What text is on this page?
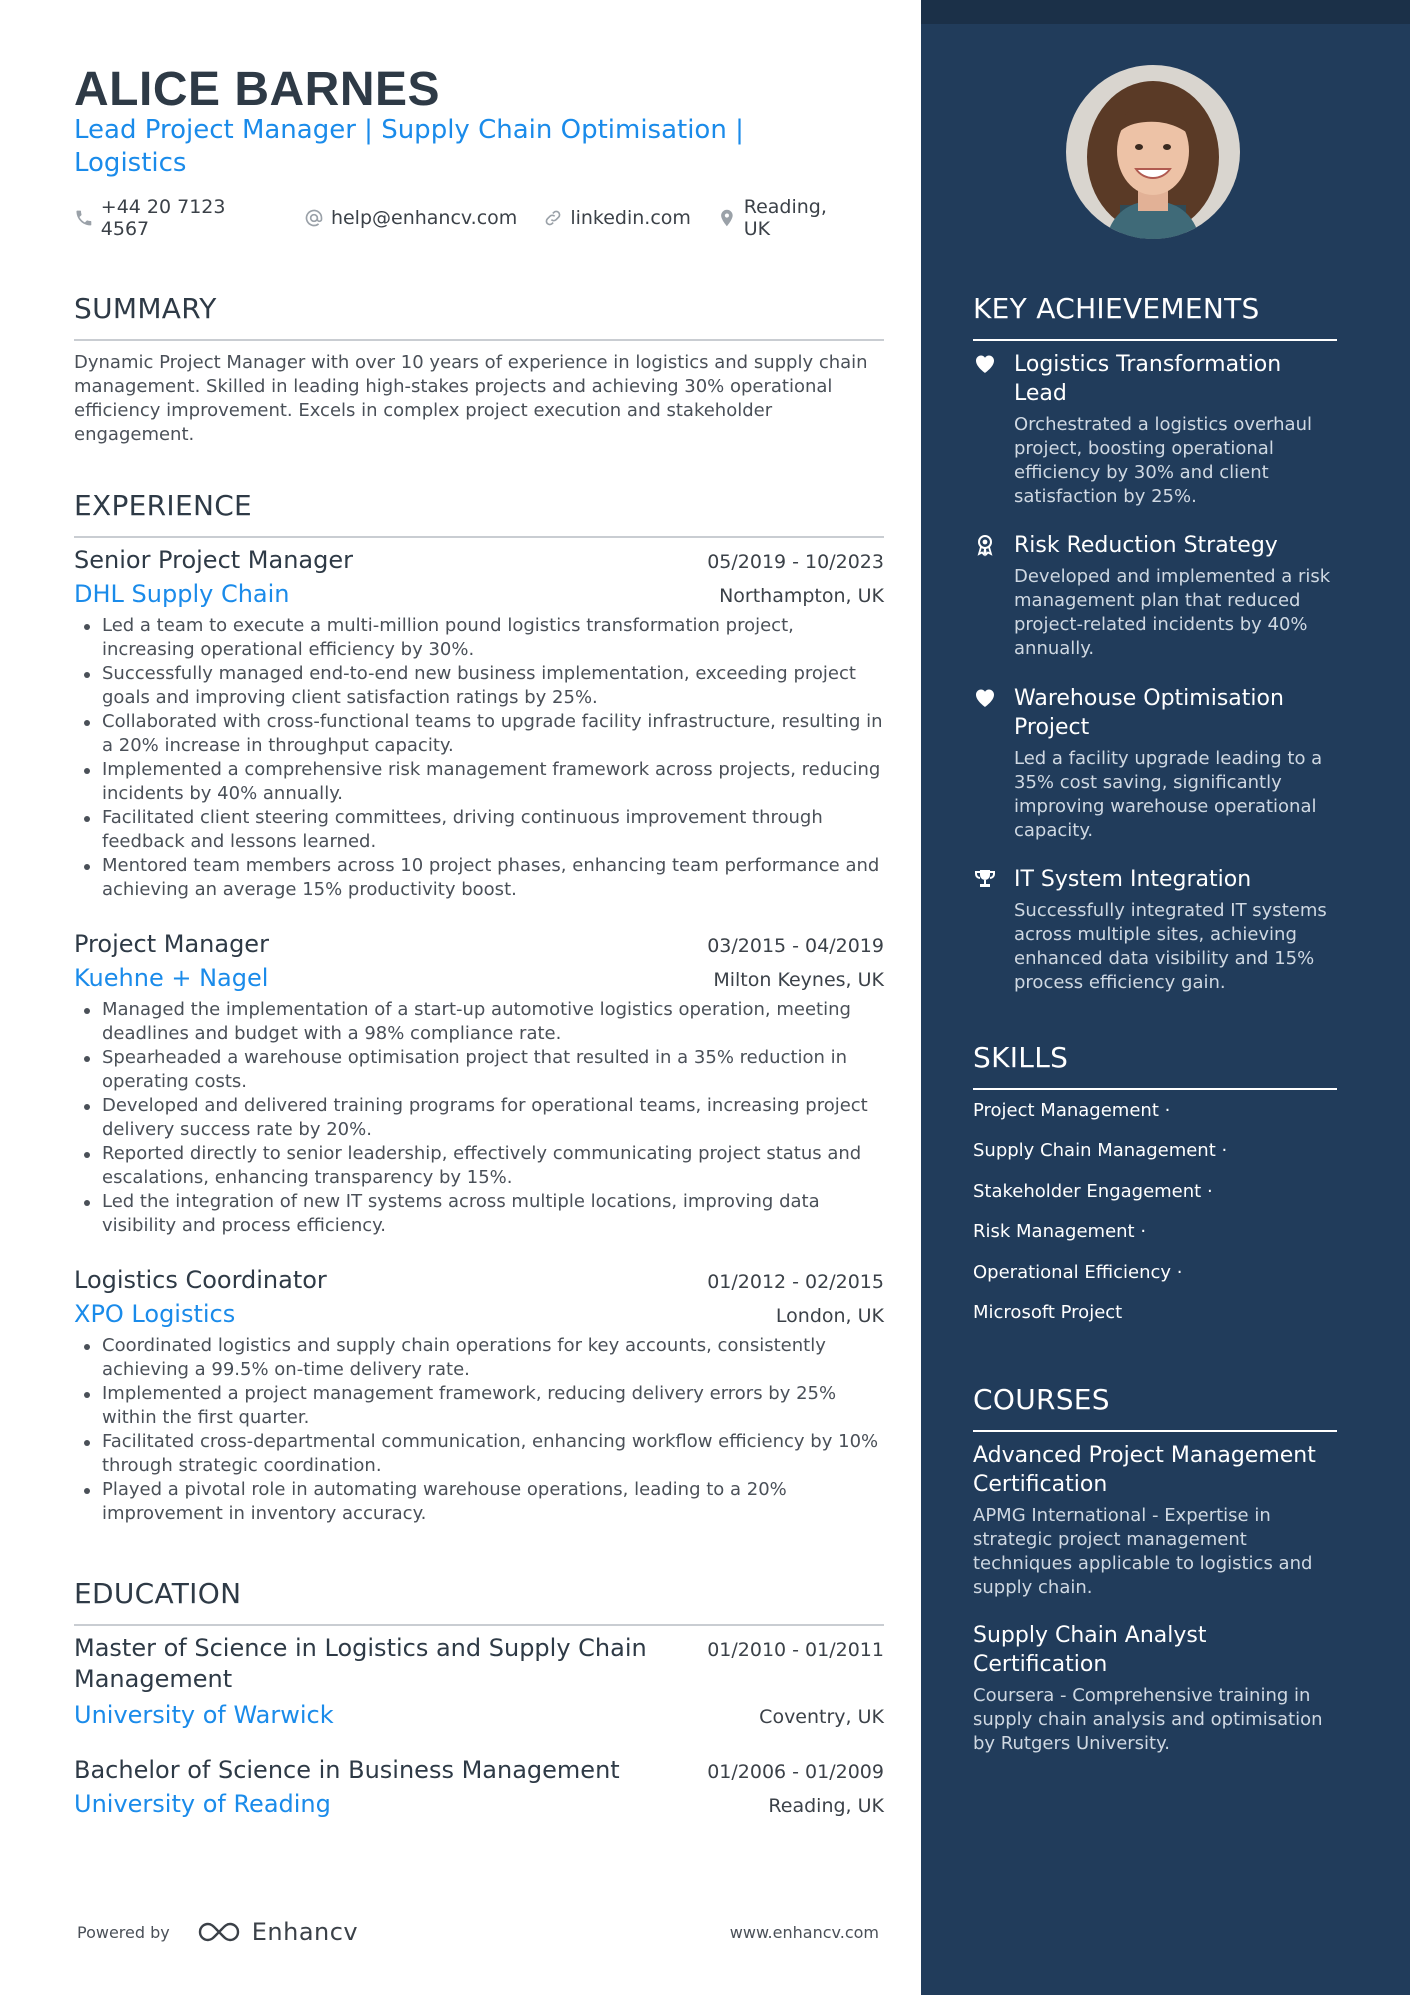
ALICE BARNES
Lead Project Manager | Supply Chain Optimisation | Logistics
+44 20 7123 4567	help@enhancv.com	linkedin.com	Reading, UK
SUMMARY
Dynamic Project Manager with over 10 years of experience in logistics and supply chain management. Skilled in leading high-stakes projects and achieving 30% operational efficiency improvement. Excels in complex project execution and stakeholder engagement.
EXPERIENCE
Senior Project Manager	05/2019 - 10/2023
DHL Supply Chain	Northampton, UK
Led a team to execute a multi-million pound logistics transformation project, increasing operational efficiency by 30%.
Successfully managed end-to-end new business implementation, exceeding project goals and improving client satisfaction ratings by 25%.
Collaborated with cross-functional teams to upgrade facility infrastructure, resulting in a 20% increase in throughput capacity.
Implemented a comprehensive risk management framework across projects, reducing incidents by 40% annually.
Facilitated client steering committees, driving continuous improvement through feedback and lessons learned.
Mentored team members across 10 project phases, enhancing team performance and achieving an average 15% productivity boost.
Project Manager	03/2015 - 04/2019
Kuehne + Nagel	Milton Keynes, UK
Managed the implementation of a start-up automotive logistics operation, meeting deadlines and budget with a 98% compliance rate.
Spearheaded a warehouse optimisation project that resulted in a 35% reduction in operating costs.
Developed and delivered training programs for operational teams, increasing project delivery success rate by 20%.
Reported directly to senior leadership, effectively communicating project status and escalations, enhancing transparency by 15%.
Led the integration of new IT systems across multiple locations, improving data visibility and process efficiency.
Logistics Coordinator	01/2012 - 02/2015
XPO Logistics	London, UK
Coordinated logistics and supply chain operations for key accounts, consistently achieving a 99.5% on-time delivery rate.
Implemented a project management framework, reducing delivery errors by 25% within the first quarter.
Facilitated cross-departmental communication, enhancing workflow efficiency by 10% through strategic coordination.
Played a pivotal role in automating warehouse operations, leading to a 20% improvement in inventory accuracy.
EDUCATION
Master of Science in Logistics and Supply Chain Management
01/2010 - 01/2011
University of Warwick	Coventry, UK
Bachelor of Science in Business Management	01/2006 - 01/2009
University of Reading	Reading, UK
Powered by	Enhancv	www.enhancv.com
KEY ACHIEVEMENTS
Logistics Transformation Lead
Orchestrated a logistics overhaul project, boosting operational efficiency by 30% and client satisfaction by 25%.
Risk Reduction Strategy
Developed and implemented a risk management plan that reduced project-related incidents by 40% annually.
Warehouse Optimisation Project
Led a facility upgrade leading to a 35% cost saving, significantly improving warehouse operational capacity.
IT System Integration
Successfully integrated IT systems across multiple sites, achieving enhanced data visibility and 15% process efficiency gain.
SKILLS
Project Management ·
Supply Chain Management ·
Stakeholder Engagement ·
Risk Management ·
Operational Efficiency ·
Microsoft Project
COURSES
Advanced Project Management Certification
APMG International - Expertise in strategic project management techniques applicable to logistics and supply chain.
Supply Chain Analyst Certification
Coursera - Comprehensive training in supply chain analysis and optimisation by Rutgers University.
